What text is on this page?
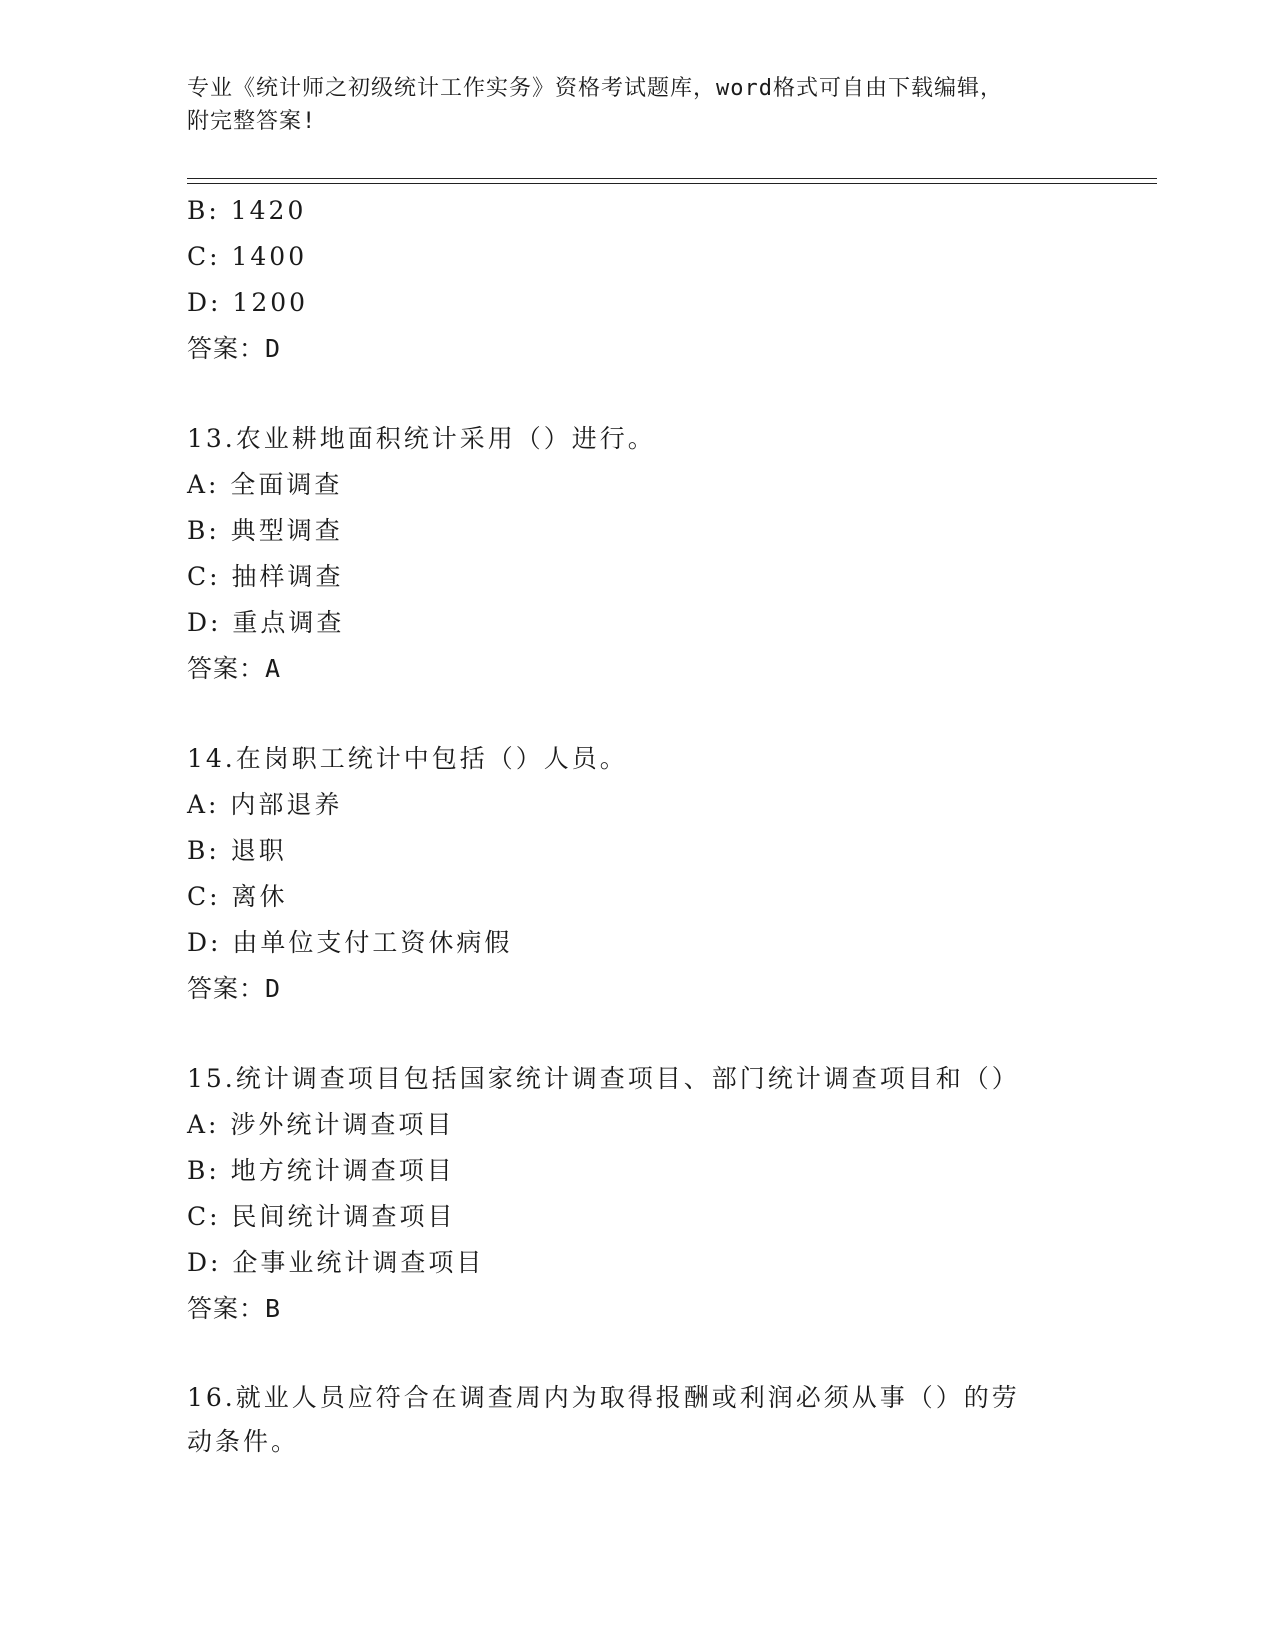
专业《统计师之初级统计工作实务》资格考试题库，word格式可自由下载编辑，
附完整答案!
B: 1420
C: 1400
D: 1200
答案：D
13.农业耕地面积统计采用（）进行。
A: 全面调查
B: 典型调查
C: 抽样调查
D: 重点调查
答案：A
14.在岗职工统计中包括（）人员。
A: 内部退养
B: 退职
C: 离休
D: 由单位支付工资休病假
答案：D
15.统计调查项目包括国家统计调查项目、部门统计调查项目和（）
A: 涉外统计调查项目
B: 地方统计调查项目
C: 民间统计调查项目
D: 企事业统计调查项目
答案：B
16.就业人员应符合在调查周内为取得报酬或利润必须从事（）的劳动条件。
